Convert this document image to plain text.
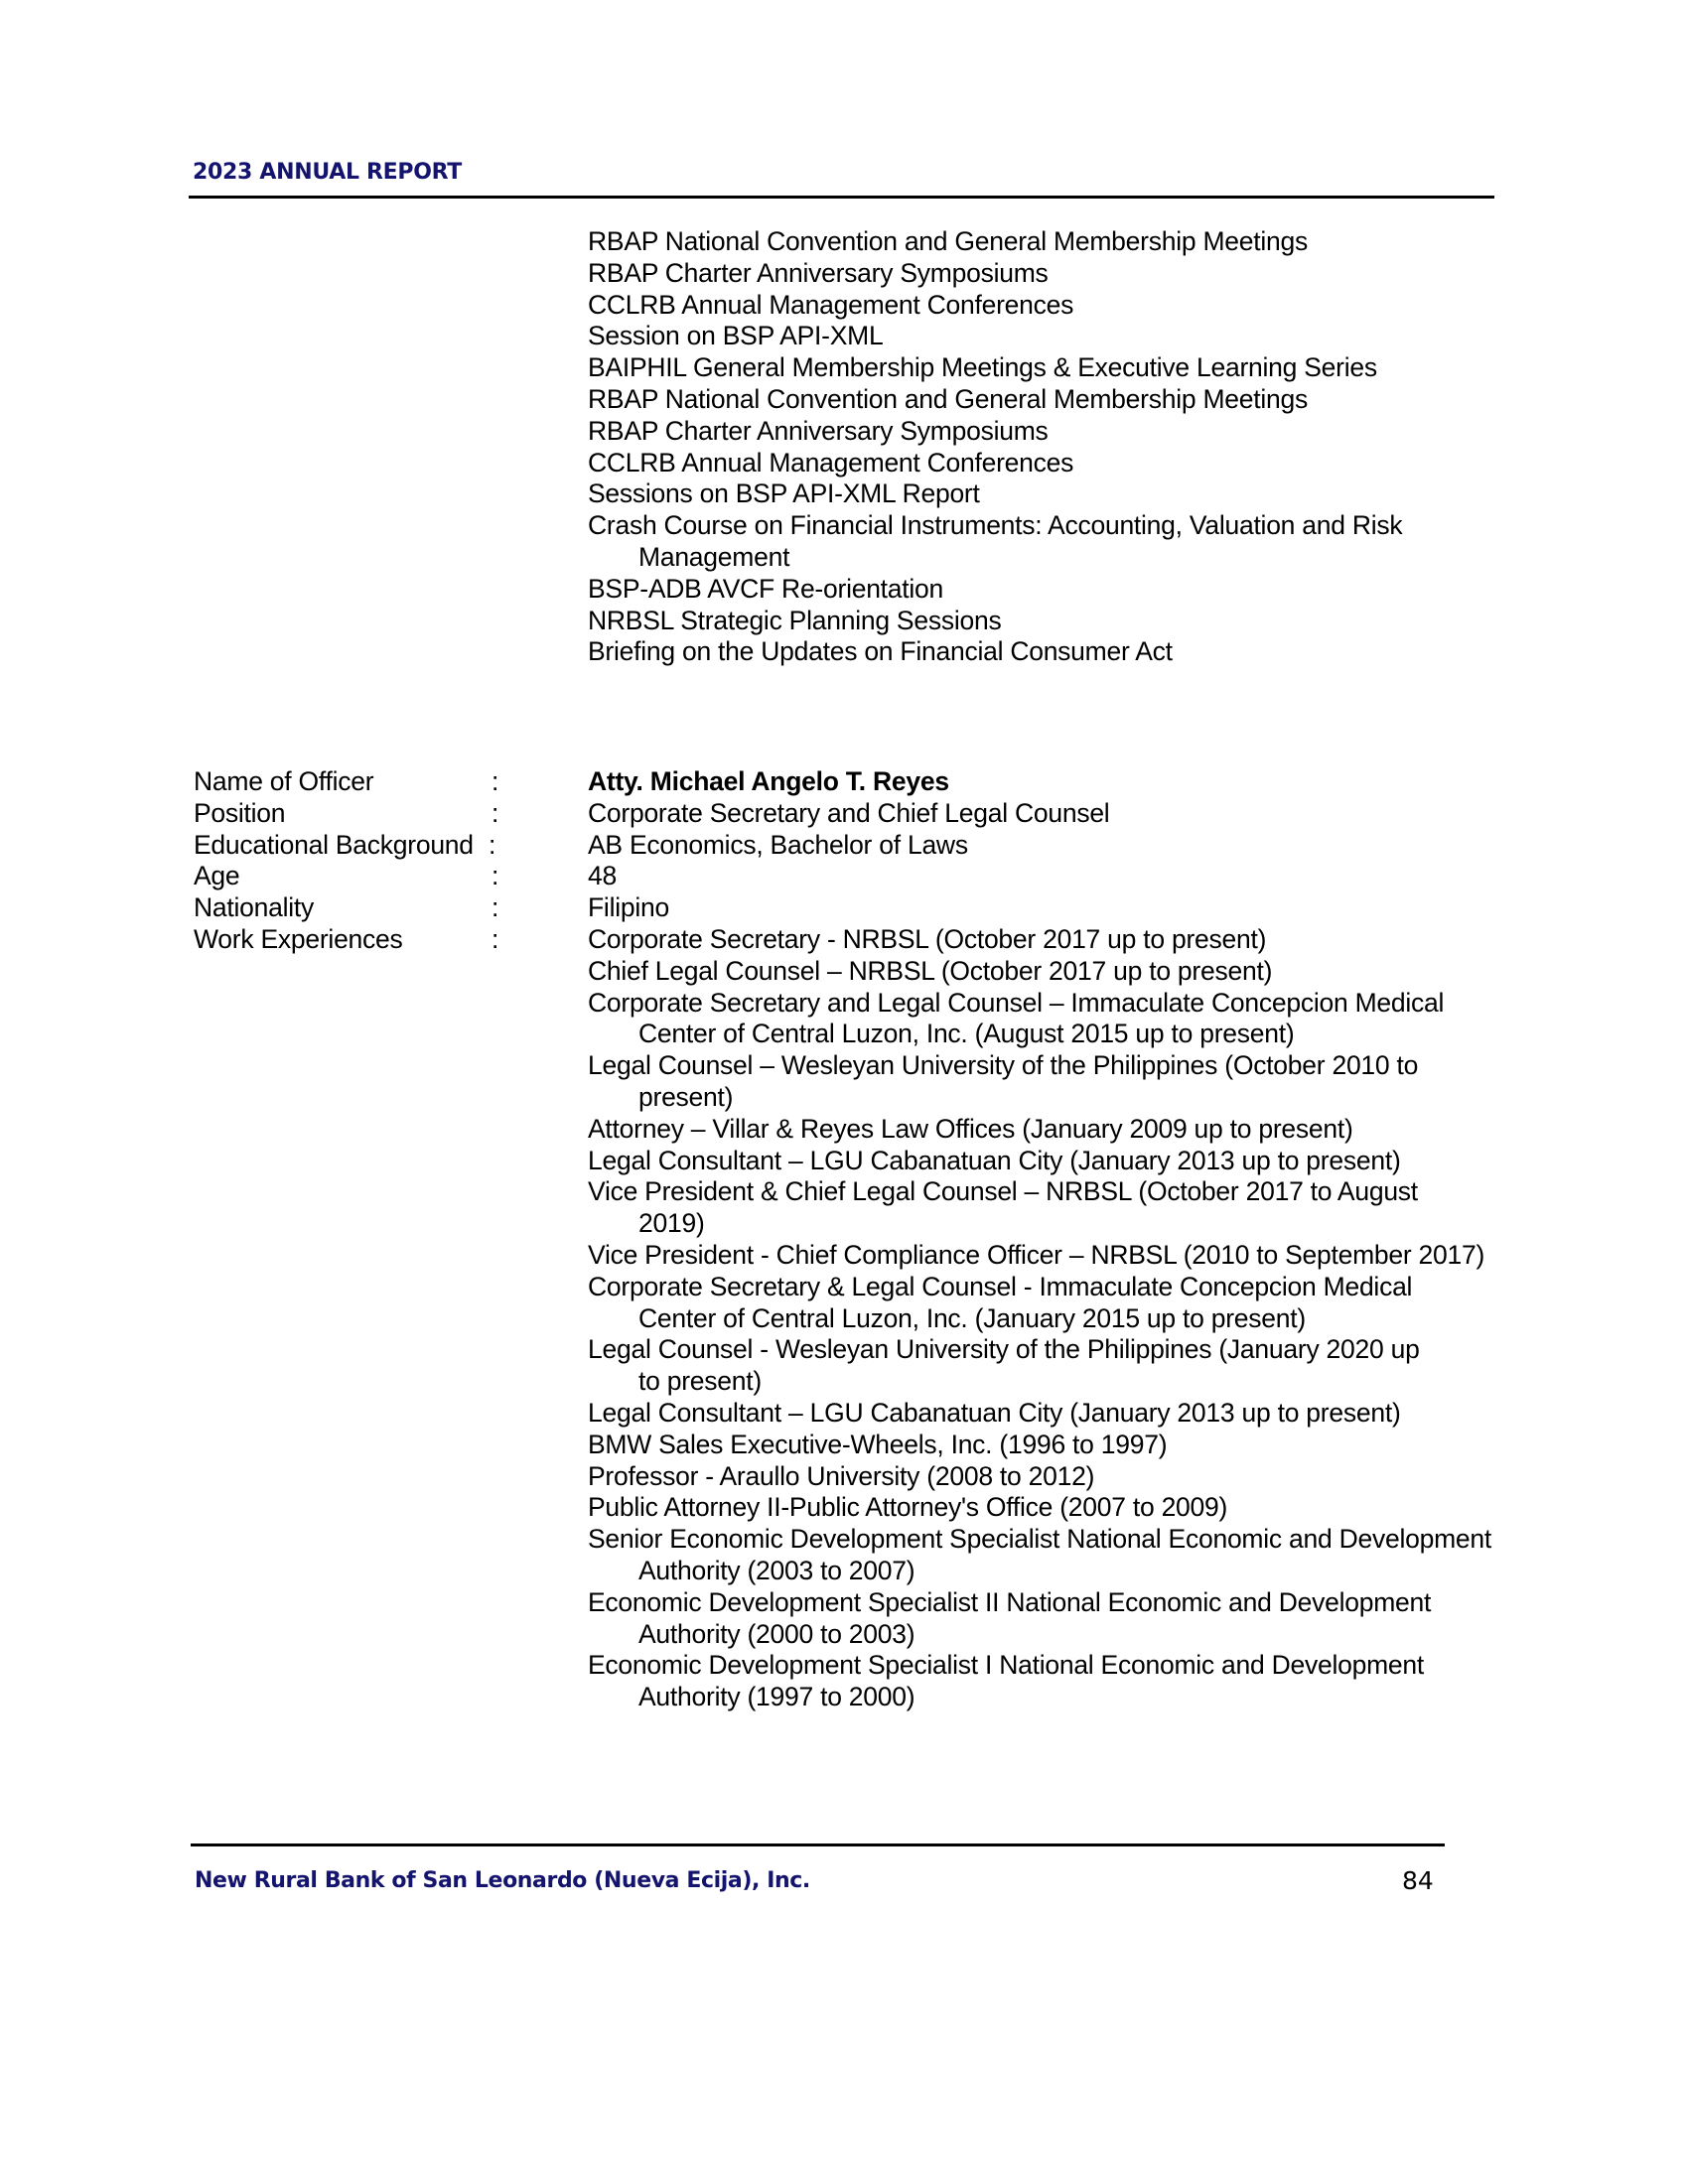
2023 ANNUAL REPORT
RBAP National Convention and General Membership Meetings
RBAP Charter Anniversary Symposiums
CCLRB Annual Management Conferences
Session on BSP API-XML
BAIPHIL General Membership Meetings & Executive Learning Series
RBAP National Convention and General Membership Meetings
RBAP Charter Anniversary Symposiums
CCLRB Annual Management Conferences
Sessions on BSP API-XML Report
Crash Course on Financial Instruments: Accounting, Valuation and Risk
Management
BSP-ADB AVCF Re-orientation
NRBSL Strategic Planning Sessions
Briefing on the Updates on Financial Consumer Act
Name of Officer	:	Atty. Michael Angelo T. Reyes
Position	:	Corporate Secretary and Chief Legal Counsel
Educational Background :	AB Economics, Bachelor of Laws
Age	:	48
Nationality	:	Filipino
Work Experiences	:	Corporate Secretary - NRBSL (October 2017 up to present)
Chief Legal Counsel – NRBSL (October 2017 up to present)
Corporate Secretary and Legal Counsel – Immaculate Concepcion Medical
Center of Central Luzon, Inc. (August 2015 up to present)
Legal Counsel – Wesleyan University of the Philippines (October 2010 to
present)
Attorney – Villar & Reyes Law Offices (January 2009 up to present)
Legal Consultant – LGU Cabanatuan City (January 2013 up to present)
Vice President & Chief Legal Counsel – NRBSL (October 2017 to August
2019)
Vice President - Chief Compliance Officer – NRBSL (2010 to September 2017)
Corporate Secretary & Legal Counsel - Immaculate Concepcion Medical
Center of Central Luzon, Inc. (January 2015 up to present)
Legal Counsel - Wesleyan University of the Philippines (January 2020 up
to present)
Legal Consultant – LGU Cabanatuan City (January 2013 up to present)
BMW Sales Executive-Wheels, Inc. (1996 to 1997)
Professor - Araullo University (2008 to 2012)
Public Attorney II-Public Attorney's Office (2007 to 2009)
Senior Economic Development Specialist National Economic and Development
Authority (2003 to 2007)
Economic Development Specialist II National Economic and Development
Authority (2000 to 2003)
Economic Development Specialist I National Economic and Development
Authority (1997 to 2000)
New Rural Bank of San Leonardo (Nueva Ecija), Inc.	84
